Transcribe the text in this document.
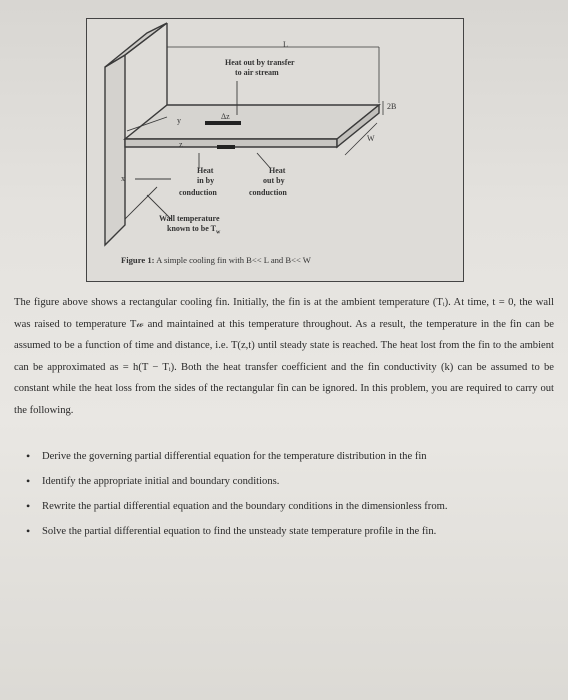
L
Heat out by transfer
to air stream
Δz
2B
W
y
z
x
Heat
in by
Heat
out by
conduction	conduction
Wall temperature
known to be $T_w$
Figure 1: A simple cooling fin with B<< L and B<< W

The figure above shows a rectangular cooling fin. Initially, the fin is at the ambient temperature (Tᵢ). At time, t = 0, the wall was raised to temperature T𝓌 and maintained at this temperature throughout. As a result, the temperature in the fin can be assumed to be a function of time and distance, i.e. T(z,t) until steady state is reached. The heat lost from the fin to the ambient can be approximated as = h(T − Tᵢ). Both the heat transfer coefficient and the fin conductivity (k) can be assumed to be constant while the heat loss from the sides of the rectangular fin can be ignored. In this problem, you are required to carry out the following.

• Derive the governing partial differential equation for the temperature distribution in the fin
• Identify the appropriate initial and boundary conditions.
• Rewrite the partial differential equation and the boundary conditions in the dimensionless from.
• Solve the partial differential equation to find the unsteady state temperature profile in the fin.
